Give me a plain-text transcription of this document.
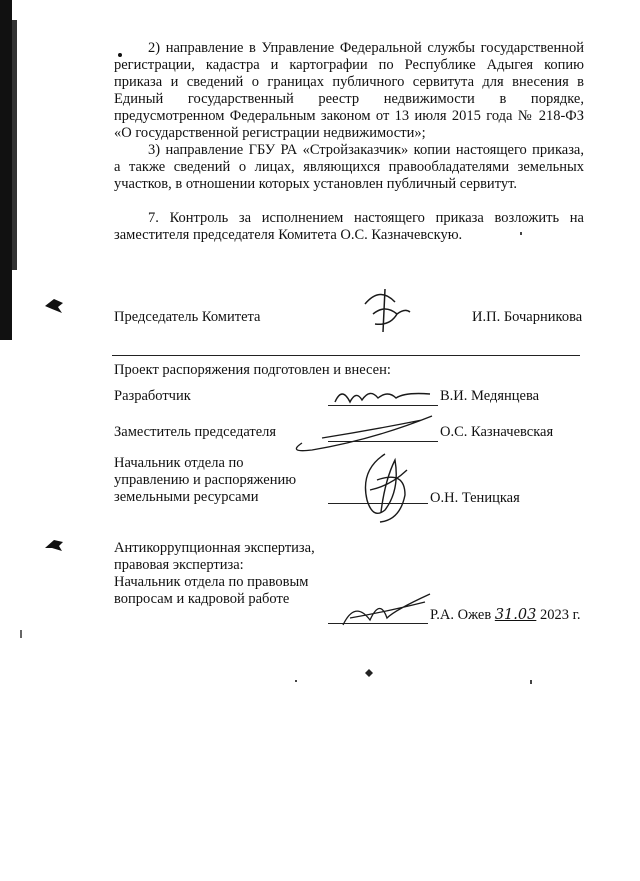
2) направление в Управление Федеральной службы государственной
регистрации, кадастра и картографии по Республике Адыгея копию
приказа и сведений о границах публичного сервитута для внесения в
Единый государственный реестр недвижимости в порядке,
предусмотренном Федеральным законом от 13 июля 2015 года № 218-ФЗ
«О государственной регистрации недвижимости»;
3) направление ГБУ РА «Стройзаказчик» копии настоящего приказа,
а также сведений о лицах, являющихся правообладателями земельных
участков, в отношении которых установлен публичный сервитут.
7. Контроль за исполнением настоящего приказа возложить на
заместителя председателя Комитета О.С. Казначевскую.
Председатель Комитета	И.П. Бочарникова
Проект распоряжения подготовлен и внесен:
Разработчик	В.И. Медянцева
Заместитель председателя	О.С. Казначевская
Начальник отдела по
управлению и распоряжению
земельными ресурсами	О.Н. Теницкая
Антикоррупционная экспертиза,
правовая экспертиза:
Начальник отдела по правовым
вопросам и кадровой работе
Р.А. Ожев 31.03 2023 г.
